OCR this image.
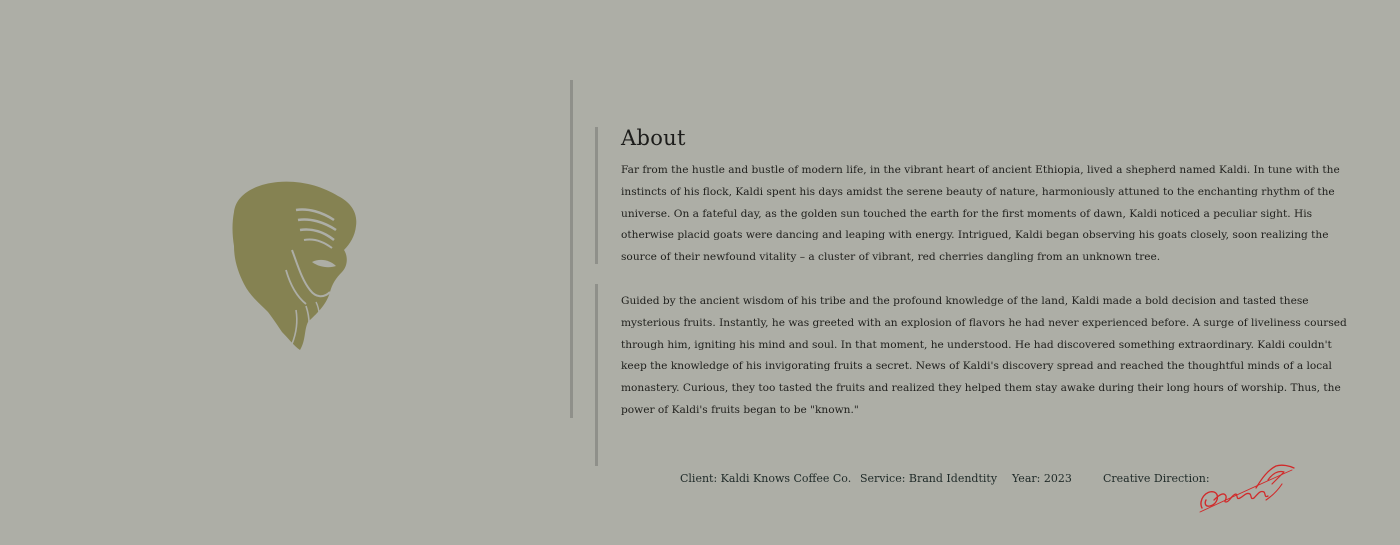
About

Far from the hustle and bustle of modern life, in the vibrant heart of ancient Ethiopia, lived a shepherd named Kaldi. In tune with the instincts of his flock, Kaldi spent his days amidst the serene beauty of nature, harmoniously attuned to the enchanting rhythm of the universe. On a fateful day, as the golden sun touched the earth for the first moments of dawn, Kaldi noticed a peculiar sight. His otherwise placid goats were dancing and leaping with energy. Intrigued, Kaldi began observing his goats closely, soon realizing the source of their newfound vitality – a cluster of vibrant, red cherries dangling from an unknown tree.

Guided by the ancient wisdom of his tribe and the profound knowledge of the land, Kaldi made a bold decision and tasted these mysterious fruits. Instantly, he was greeted with an explosion of flavors he had never experienced before. A surge of liveliness coursed through him, igniting his mind and soul. In that moment, he understood. He had discovered something extraordinary. Kaldi couldn't keep the knowledge of his invigorating fruits a secret. News of Kaldi's discovery spread and reached the thoughtful minds of a local monastery. Curious, they too tasted the fruits and realized they helped them stay awake during their long hours of worship. Thus, the power of Kaldi's fruits began to be "known."

Client: Kaldi Knows Coffee Co. Service: Brand Idendtity Year: 2023	Creative Direction:
